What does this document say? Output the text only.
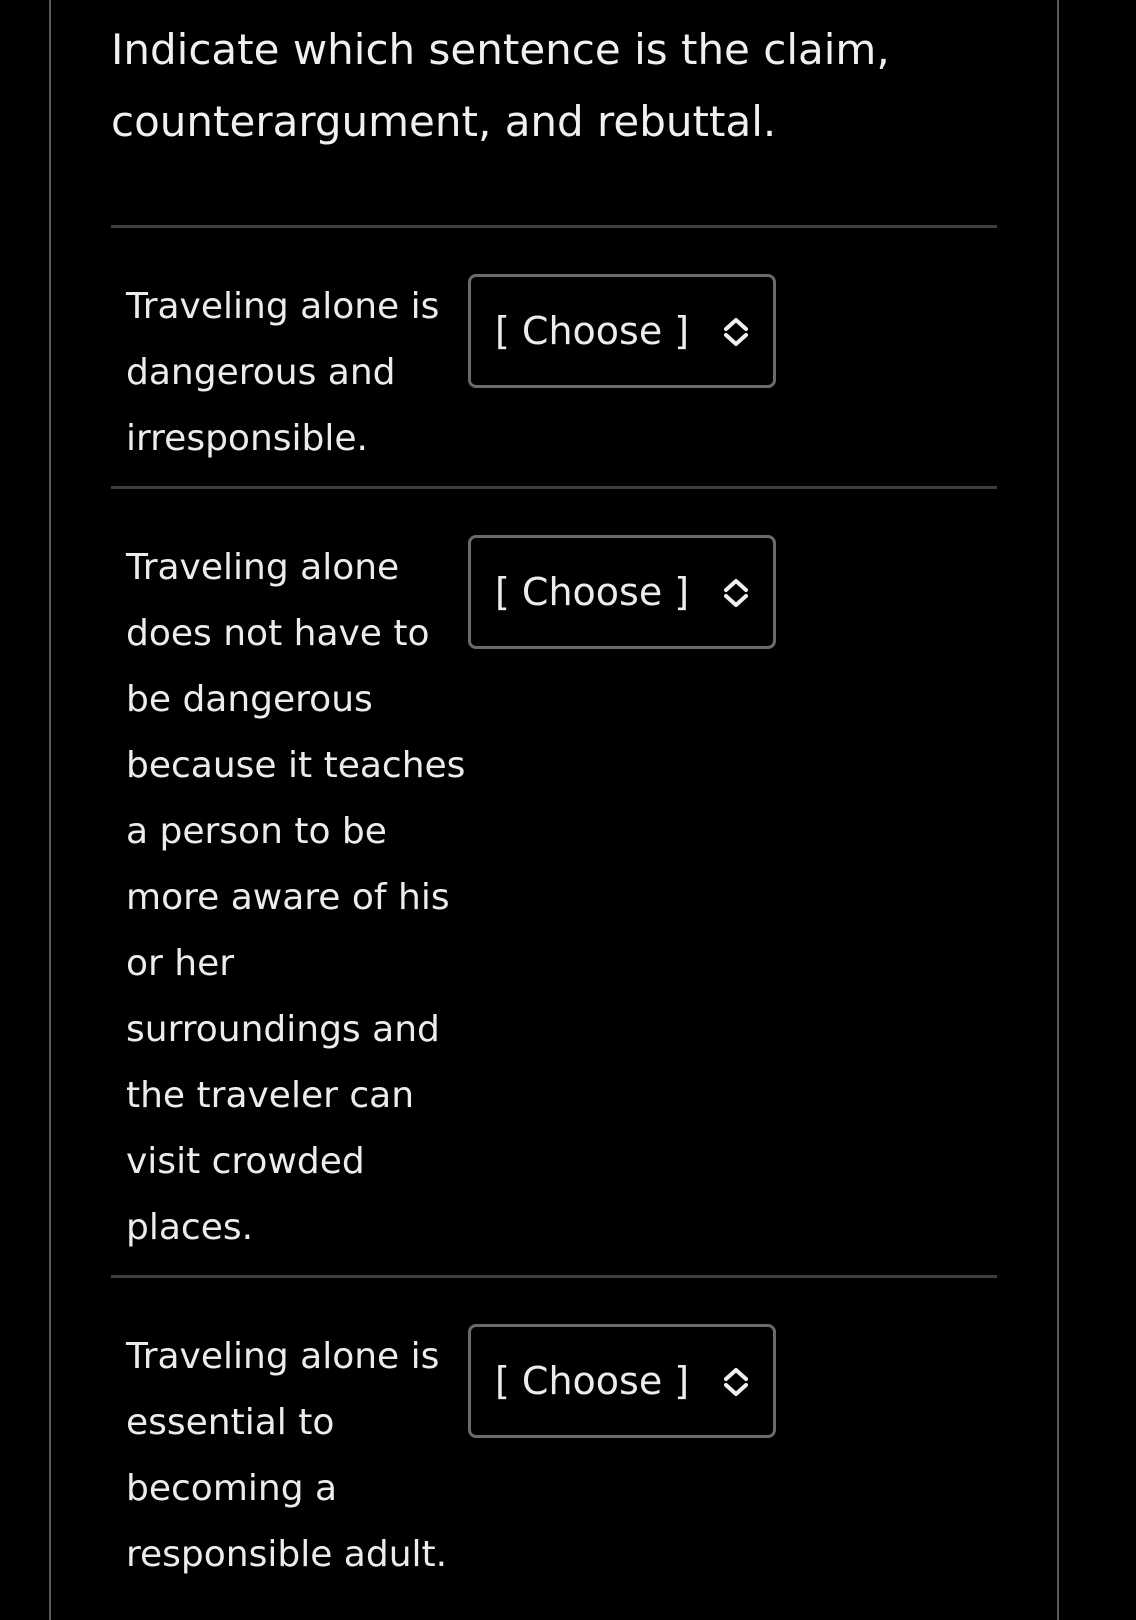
Indicate which sentence is the claim, counterargument, and rebuttal.

Traveling alone is dangerous and irresponsible.

[ Choose ]

Traveling alone does not have to be dangerous because it teaches a person to be more aware of his or her surroundings and the traveler can visit crowded places.

[ Choose ]

Traveling alone is essential to becoming a responsible adult.

[ Choose ]
